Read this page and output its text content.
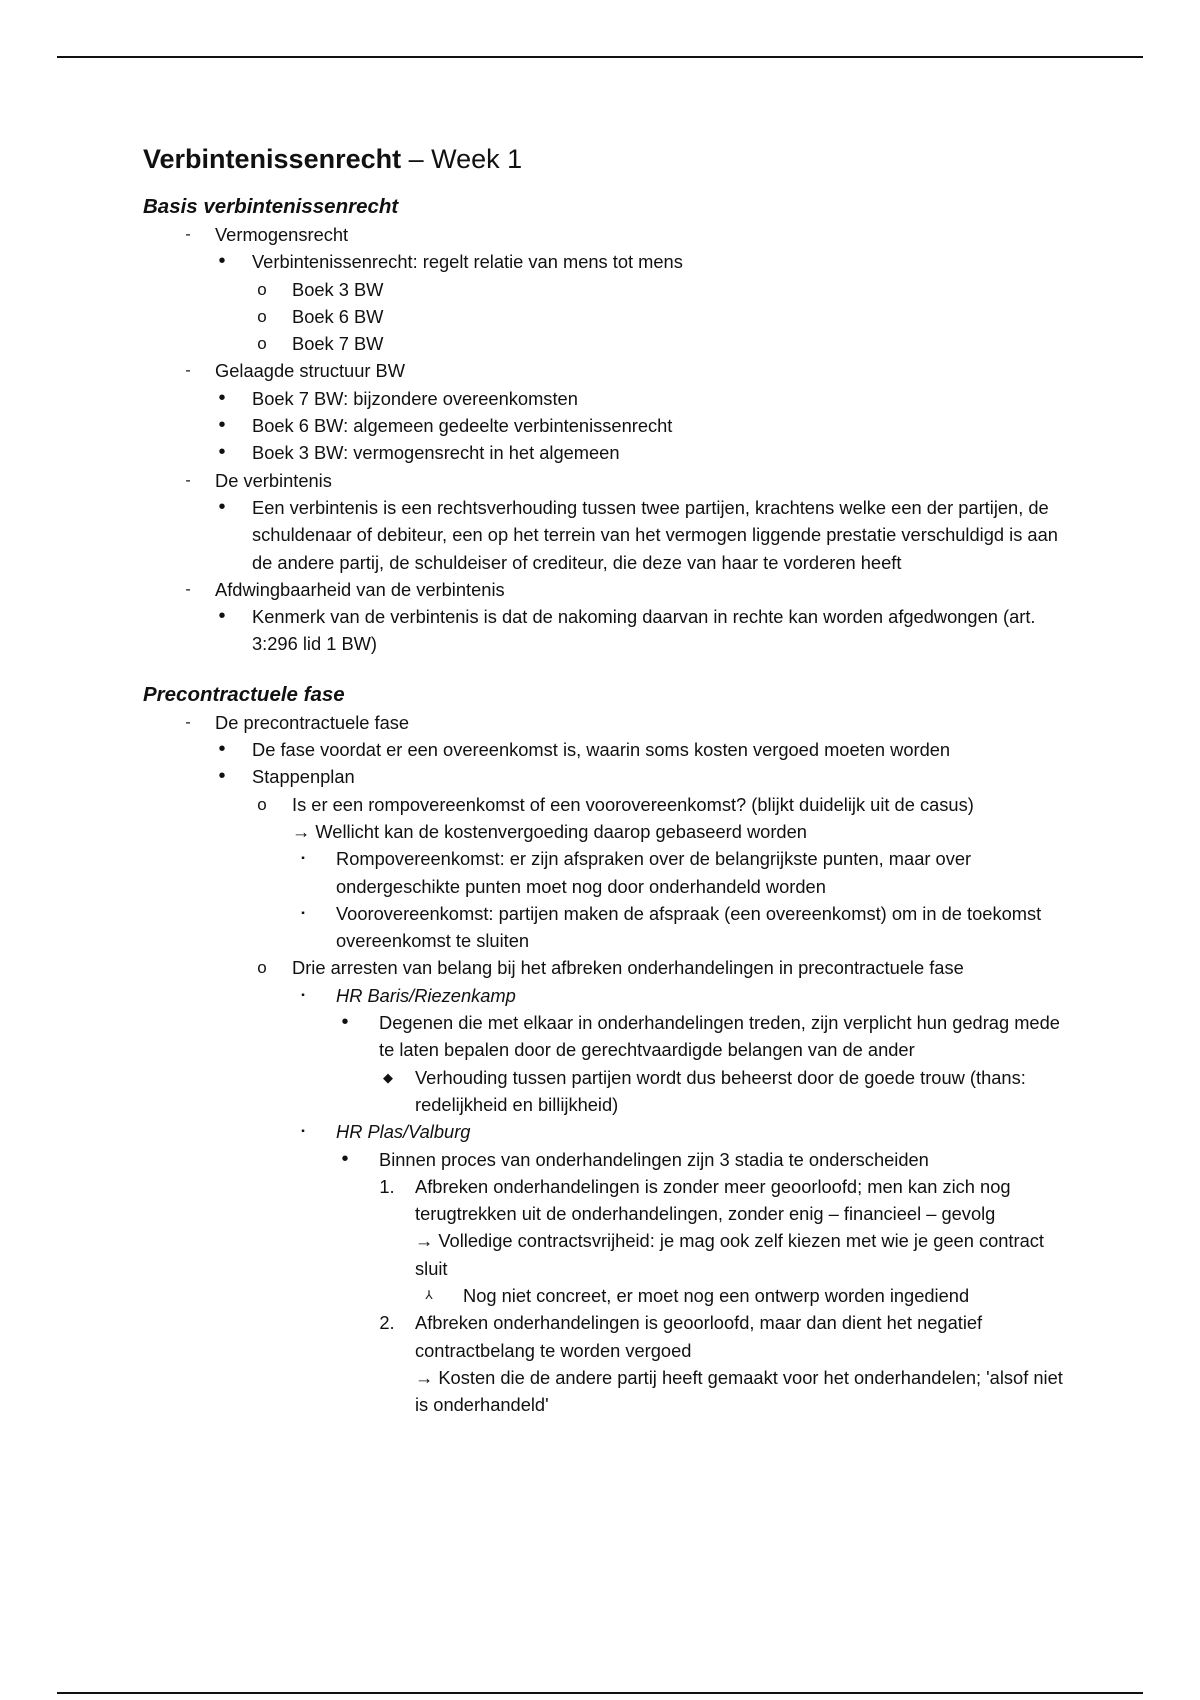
Verbintenissenrecht – Week 1
Basis verbintenissenrecht
- Vermogensrecht
• Verbintenissenrecht: regelt relatie van mens tot mens
o Boek 3 BW
o Boek 6 BW
o Boek 7 BW
- Gelaagde structuur BW
• Boek 7 BW: bijzondere overeenkomsten
• Boek 6 BW: algemeen gedeelte verbintenissenrecht
• Boek 3 BW: vermogensrecht in het algemeen
- De verbintenis
• Een verbintenis is een rechtsverhouding tussen twee partijen, krachtens welke een der partijen, de schuldenaar of debiteur, een op het terrein van het vermogen liggende prestatie verschuldigd is aan de andere partij, de schuldeiser of crediteur, die deze van haar te vorderen heeft
- Afdwingbaarheid van de verbintenis
• Kenmerk van de verbintenis is dat de nakoming daarvan in rechte kan worden afgedwongen (art. 3:296 lid 1 BW)
Precontractuele fase
- De precontractuele fase
• De fase voordat er een overeenkomst is, waarin soms kosten vergoed moeten worden
• Stappenplan
o Is er een rompovereenkomst of een voorovereenkomst? (blijkt duidelijk uit de casus)
→ Wellicht kan de kostenvergoeding daarop gebaseerd worden
▪ Rompovereenkomst: er zijn afspraken over de belangrijkste punten, maar over ondergeschikte punten moet nog door onderhandeld worden
▪ Voorovereenkomst: partijen maken de afspraak (een overeenkomst) om in de toekomst overeenkomst te sluiten
o Drie arresten van belang bij het afbreken onderhandelingen in precontractuele fase
▪ HR Baris/Riezenkamp
• Degenen die met elkaar in onderhandelingen treden, zijn verplicht hun gedrag mede te laten bepalen door de gerechtvaardigde belangen van de ander
◆ Verhouding tussen partijen wordt dus beheerst door de goede trouw (thans: redelijkheid en billijkheid)
▪ HR Plas/Valburg
• Binnen proces van onderhandelingen zijn 3 stadia te onderscheiden
1. Afbreken onderhandelingen is zonder meer geoorloofd; men kan zich nog terugtrekken uit de onderhandelingen, zonder enig – financieel – gevolg
→ Volledige contractsvrijheid: je mag ook zelf kiezen met wie je geen contract sluit
⅄ Nog niet concreet, er moet nog een ontwerp worden ingediend
2. Afbreken onderhandelingen is geoorloofd, maar dan dient het negatief contractbelang te worden vergoed
→ Kosten die de andere partij heeft gemaakt voor het onderhandelen; 'alsof niet is onderhandeld'
